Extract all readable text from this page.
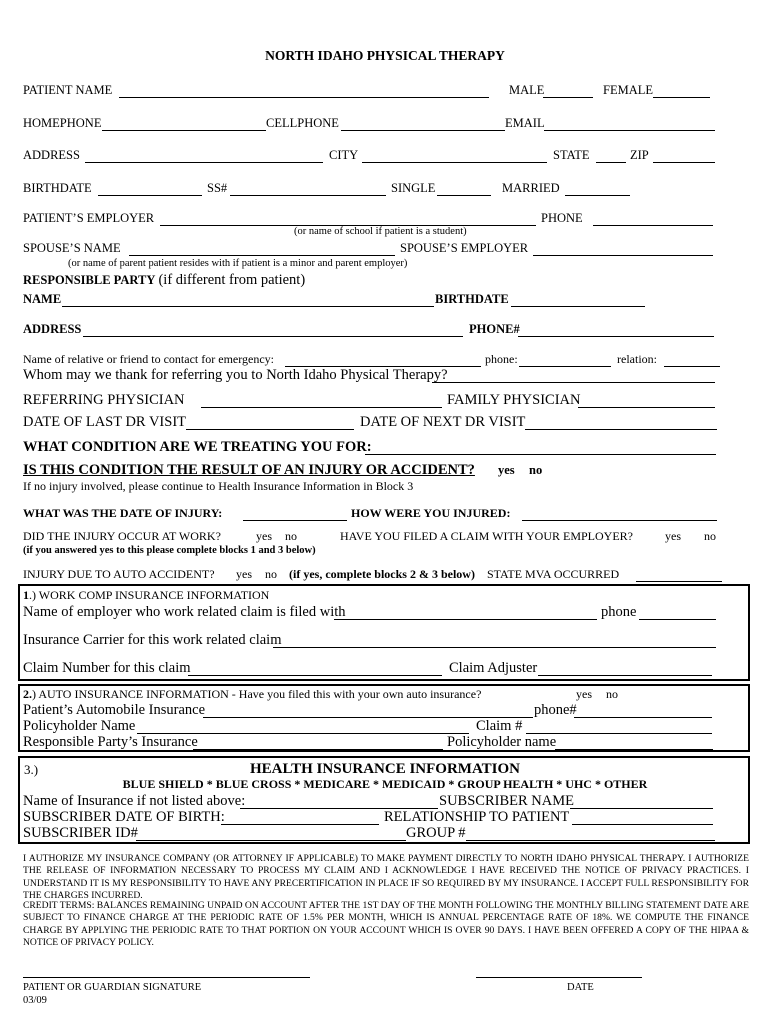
NORTH IDAHO PHYSICAL THERAPY
PATIENT NAME	MALE	FEMALE
HOMEPHONE	CELLPHONE	EMAIL
ADDRESS	CITY	STATE	ZIP
BIRTHDATE	SS#	SINGLE	MARRIED
PATIENT’S EMPLOYER	PHONE
(or name of school if patient is a student)
SPOUSE’S NAME	SPOUSE’S EMPLOYER
(or name of parent patient resides with if patient is a minor and parent employer)
RESPONSIBLE PARTY (if different from patient)
NAME	BIRTHDATE
ADDRESS	PHONE#
Name of relative or friend to contact for emergency:	phone:	relation:
Whom may we thank for referring you to North Idaho Physical Therapy?
REFERRING PHYSICIAN	FAMILY PHYSICIAN
DATE OF LAST DR VISIT	DATE OF NEXT DR VISIT
WHAT CONDITION ARE WE TREATING YOU FOR:
IS THIS CONDITION THE RESULT OF AN INJURY OR ACCIDENT? yes no
If no injury involved, please continue to Health Insurance Information in Block 3
WHAT WAS THE DATE OF INJURY:	HOW WERE YOU INJURED:
DID THE INJURY OCCUR AT WORK?	yes no	HAVE YOU FILED A CLAIM WITH YOUR EMPLOYER?	yes no
(if you answered yes to this please complete blocks 1 and 3 below)
INJURY DUE TO AUTO ACCIDENT? yes no (if yes, complete blocks 2 & 3 below) STATE MVA OCCURRED
1.) WORK COMP INSURANCE INFORMATION
Name of employer who work related claim is filed with	phone
Insurance Carrier for this work related claim
Claim Number for this claim	Claim Adjuster
2.) AUTO INSURANCE INFORMATION - Have you filed this with your own auto insurance?	yes no
Patient’s Automobile Insurance	phone#
Policyholder Name	Claim #
Responsible Party’s Insurance	Policyholder name
3.)	HEALTH INSURANCE INFORMATION
BLUE SHIELD * BLUE CROSS * MEDICARE * MEDICAID * GROUP HEALTH * UHC * OTHER
Name of Insurance if not listed above:	SUBSCRIBER NAME
SUBSCRIBER DATE OF BIRTH:	RELATIONSHIP TO PATIENT
SUBSCRIBER ID#	GROUP #
I AUTHORIZE MY INSURANCE COMPANY (OR ATTORNEY IF APPLICABLE) TO MAKE PAYMENT DIRECTLY TO NORTH IDAHO PHYSICAL THERAPY. I AUTHORIZE THE RELEASE OF INFORMATION NECESSARY TO PROCESS MY CLAIM AND I ACKNOWLEDGE I HAVE RECEIVED THE NOTICE OF PRIVACY PRACTICES. I UNDERSTAND IT IS MY RESPONSIBILITY TO HAVE ANY PRECERTIFICATION IN PLACE IF SO REQUIRED BY MY INSURANCE. I ACCEPT FULL RESPONSIBILITY FOR THE CHARGES INCURRED.
CREDIT TERMS: BALANCES REMAINING UNPAID ON ACCOUNT AFTER THE 1ST DAY OF THE MONTH FOLLOWING THE MONTHLY BILLING STATEMENT DATE ARE SUBJECT TO FINANCE CHARGE AT THE PERIODIC RATE OF 1.5% PER MONTH, WHICH IS ANNUAL PERCENTAGE RATE OF 18%. WE COMPUTE THE FINANCE CHARGE BY APPLYING THE PERIODIC RATE TO THAT PORTION ON YOUR ACCOUNT WHICH IS OVER 90 DAYS. I HAVE BEEN OFFERED A COPY OF THE HIPAA & NOTICE OF PRIVACY POLICY.
PATIENT OR GUARDIAN SIGNATURE	DATE
03/09
